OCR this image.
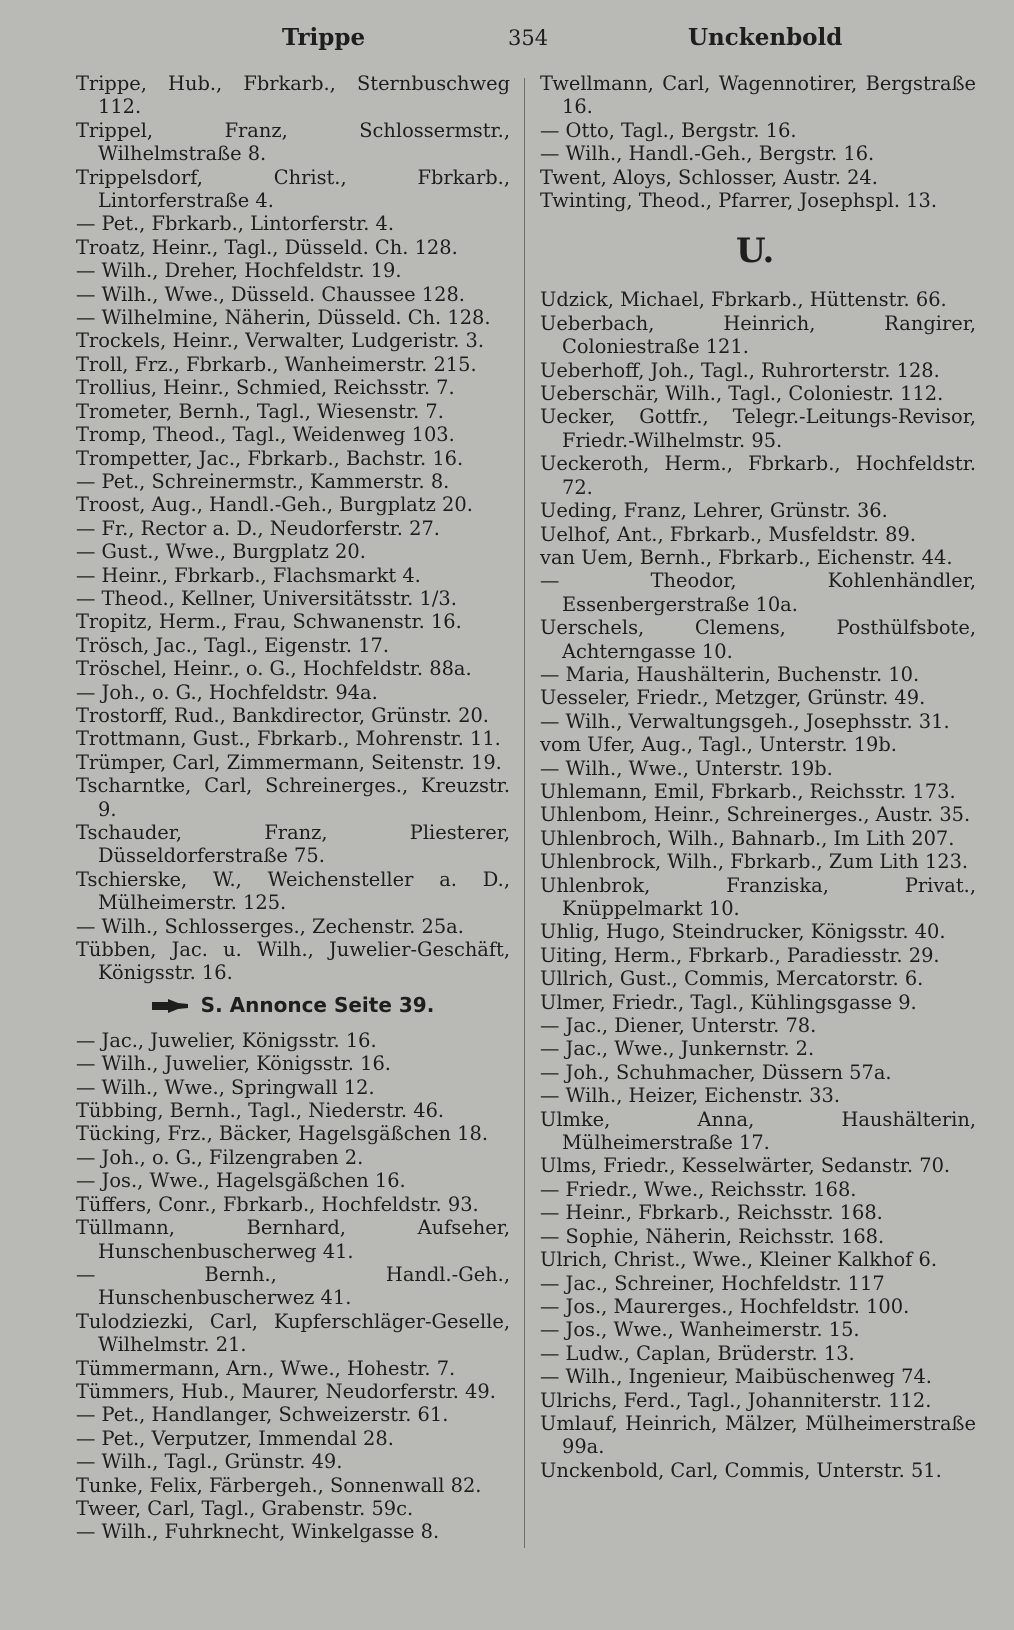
Trippe	354	Unckenbold
Trippe, Hub., Fbrkarb., Sternbuschweg 112.
Trippel, Franz, Schlossermstr., Wilhelmstraße 8.
Trippelsdorf, Christ., Fbrkarb., Lintorferstraße 4.
— Pet., Fbrkarb., Lintorferstr. 4.
Troatz, Heinr., Tagl., Düsseld. Ch. 128.
— Wilh., Dreher, Hochfeldstr. 19.
— Wilh., Wwe., Düsseld. Chaussee 128.
— Wilhelmine, Näherin, Düsseld. Ch. 128.
Trockels, Heinr., Verwalter, Ludgeristr. 3.
Troll, Frz., Fbrkarb., Wanheimerstr. 215.
Trollius, Heinr., Schmied, Reichsstr. 7.
Trometer, Bernh., Tagl., Wiesenstr. 7.
Tromp, Theod., Tagl., Weidenweg 103.
Trompetter, Jac., Fbrkarb., Bachstr. 16.
— Pet., Schreinermstr., Kammerstr. 8.
Troost, Aug., Handl.-Geh., Burgplatz 20.
— Fr., Rector a. D., Neudorferstr. 27.
— Gust., Wwe., Burgplatz 20.
— Heinr., Fbrkarb., Flachsmarkt 4.
— Theod., Kellner, Universitätsstr. 1/3.
Tropitz, Herm., Frau, Schwanenstr. 16.
Trösch, Jac., Tagl., Eigenstr. 17.
Tröschel, Heinr., o. G., Hochfeldstr. 88a.
— Joh., o. G., Hochfeldstr. 94a.
Trostorff, Rud., Bankdirector, Grünstr. 20.
Trottmann, Gust., Fbrkarb., Mohrenstr. 11.
Trümper, Carl, Zimmermann, Seitenstr. 19.
Tscharntke, Carl, Schreinerges., Kreuzstr. 9.
Tschauder, Franz, Pliesterer, Düsseldorferstraße 75.
Tschierske, W., Weichensteller a. D., Mülheimerstr. 125.
— Wilh., Schlosserges., Zechenstr. 25a.
Tübben, Jac. u. Wilh., Juwelier-Geschäft, Königsstr. 16.
S. Annonce Seite 39.
— Jac., Juwelier, Königsstr. 16.
— Wilh., Juwelier, Königsstr. 16.
— Wilh., Wwe., Springwall 12.
Tübbing, Bernh., Tagl., Niederstr. 46.
Tücking, Frz., Bäcker, Hagelsgäßchen 18.
— Joh., o. G., Filzengraben 2.
— Jos., Wwe., Hagelsgäßchen 16.
Tüffers, Conr., Fbrkarb., Hochfeldstr. 93.
Tüllmann, Bernhard, Aufseher, Hunschenbuscherweg 41.
— Bernh., Handl.-Geh., Hunschenbuscherwez 41.
Tulodziezki, Carl, Kupferschläger-Geselle, Wilhelmstr. 21.
Tümmermann, Arn., Wwe., Hohestr. 7.
Tümmers, Hub., Maurer, Neudorferstr. 49.
— Pet., Handlanger, Schweizerstr. 61.
— Pet., Verputzer, Immendal 28.
— Wilh., Tagl., Grünstr. 49.
Tunke, Felix, Färbergeh., Sonnenwall 82.
Tweer, Carl, Tagl., Grabenstr. 59c.
— Wilh., Fuhrknecht, Winkelgasse 8.
Twellmann, Carl, Wagennotirer, Bergstraße 16.
— Otto, Tagl., Bergstr. 16.
— Wilh., Handl.-Geh., Bergstr. 16.
Twent, Aloys, Schlosser, Austr. 24.
Twinting, Theod., Pfarrer, Josephspl. 13.
U.
Udzick, Michael, Fbrkarb., Hüttenstr. 66.
Ueberbach, Heinrich, Rangirer, Coloniestraße 121.
Ueberhoff, Joh., Tagl., Ruhrorterstr. 128.
Ueberschär, Wilh., Tagl., Coloniestr. 112.
Uecker, Gottfr., Telegr.-Leitungs-Revisor, Friedr.-Wilhelmstr. 95.
Ueckeroth, Herm., Fbrkarb., Hochfeldstr. 72.
Ueding, Franz, Lehrer, Grünstr. 36.
Uelhof, Ant., Fbrkarb., Musfeldstr. 89.
van Uem, Bernh., Fbrkarb., Eichenstr. 44.
— Theodor, Kohlenhändler, Essenbergerstraße 10a.
Uerschels, Clemens, Posthülfsbote, Achterngasse 10.
— Maria, Haushälterin, Buchenstr. 10.
Uesseler, Friedr., Metzger, Grünstr. 49.
— Wilh., Verwaltungsgeh., Josephsstr. 31.
vom Ufer, Aug., Tagl., Unterstr. 19b.
— Wilh., Wwe., Unterstr. 19b.
Uhlemann, Emil, Fbrkarb., Reichsstr. 173.
Uhlenbom, Heinr., Schreinerges., Austr. 35.
Uhlenbroch, Wilh., Bahnarb., Im Lith 207.
Uhlenbrock, Wilh., Fbrkarb., Zum Lith 123.
Uhlenbrok, Franziska, Privat., Knüppelmarkt 10.
Uhlig, Hugo, Steindrucker, Königsstr. 40.
Uiting, Herm., Fbrkarb., Paradiesstr. 29.
Ullrich, Gust., Commis, Mercatorstr. 6.
Ulmer, Friedr., Tagl., Kühlingsgasse 9.
— Jac., Diener, Unterstr. 78.
— Jac., Wwe., Junkernstr. 2.
— Joh., Schuhmacher, Düssern 57a.
— Wilh., Heizer, Eichenstr. 33.
Ulmke, Anna, Haushälterin, Mülheimerstraße 17.
Ulms, Friedr., Kesselwärter, Sedanstr. 70.
— Friedr., Wwe., Reichsstr. 168.
— Heinr., Fbrkarb., Reichsstr. 168.
— Sophie, Näherin, Reichsstr. 168.
Ulrich, Christ., Wwe., Kleiner Kalkhof 6.
— Jac., Schreiner, Hochfeldstr. 117
— Jos., Maurerges., Hochfeldstr. 100.
— Jos., Wwe., Wanheimerstr. 15.
— Ludw., Caplan, Brüderstr. 13.
— Wilh., Ingenieur, Maibüschenweg 74.
Ulrichs, Ferd., Tagl., Johanniterstr. 112.
Umlauf, Heinrich, Mälzer, Mülheimerstraße 99a.
Unckenbold, Carl, Commis, Unterstr. 51.
